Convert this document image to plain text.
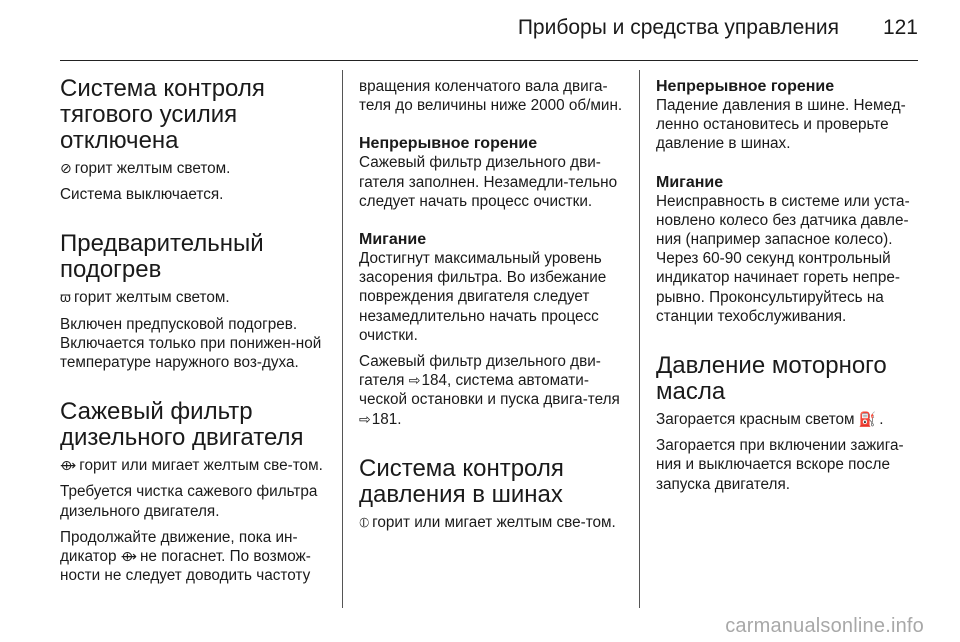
Приборы и средства управления 121
Система контроля тягового усилия отключена

⊘ горит желтым светом.

Система выключается.

Предварительный подогрев

ϖ горит желтым светом.

Включен предпусковой подогрев. Включается только при понижен-ной температуре наружного воз-духа.

Сажевый фильтр дизельного двигателя

⟴ горит или мигает желтым све-том.

Требуется чистка сажевого фильтра дизельного двигателя.

Продолжайте движение, пока ин-дикатор ⟴ не погаснет. По возмож-ности не следует доводить частоту

вращения коленчатого вала двига-теля до величины ниже 2000 об/мин.

Непрерывное горение

Сажевый фильтр дизельного дви-гателя заполнен. Незамедли-тельно следует начать процесс очистки.

Мигание

Достигнут максимальный уровень засорения фильтра. Во избежание повреждения двигателя следует незамедлительно начать процесс очистки.

Сажевый фильтр дизельного дви-гателя ⇨184, система автомати-ческой остановки и пуска двига-теля ⇨181.

Система контроля давления в шинах

⦶ горит или мигает желтым све-том.

Непрерывное горение

Падение давления в шине. Немед-ленно остановитесь и проверьте давление в шинах.

Мигание

Неисправность в системе или уста-новлено колесо без датчика давле-ния (например запасное колесо). Через 60-90 секунд контрольный индикатор начинает гореть непре-рывно. Проконсультируйтесь на станции техобслуживания.

Давление моторного масла

Загорается красным светом ⛽ .

Загорается при включении зажига-ния и выключается вскоре после запуска двигателя.

carmanualsonline.info
